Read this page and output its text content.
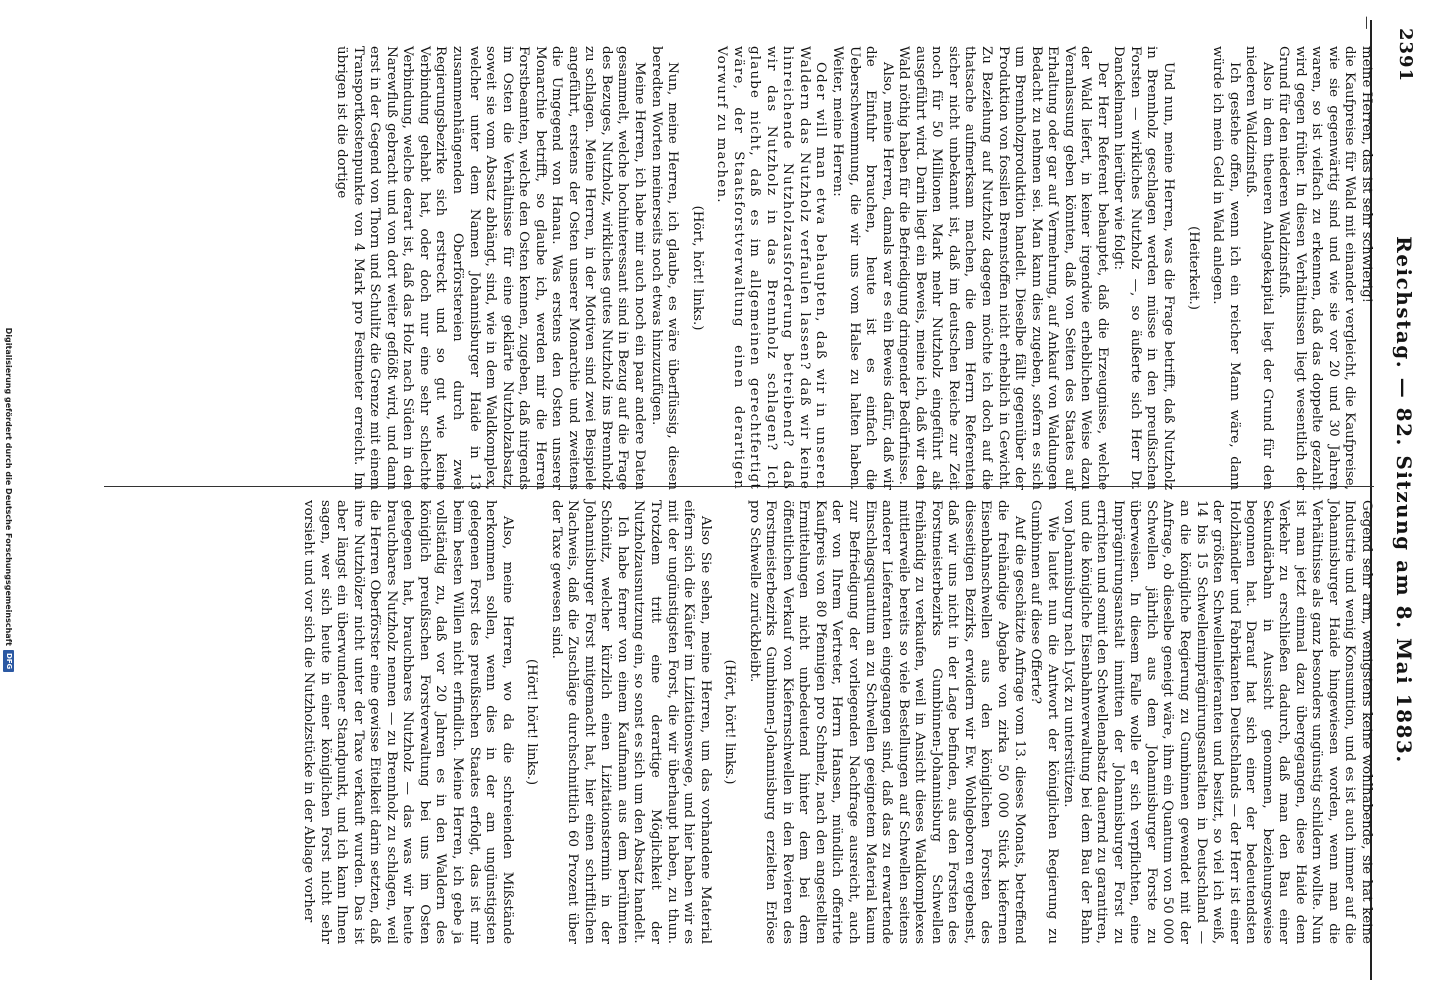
2391
Reichstag. — 82. Sitzung am 8. Mai 1883.

—
meine Herren, das ist sehr schwierig!

die Kaufpreise für Wald mit einander vergleicht, die Kaufpreise, wie sie gegenwärtig sind und wie sie vor 20 und 30 Jahren waren, so ist vielfach zu erkennen, daß das doppelte gezahlt wird gegen früher. In diesen Verhältnissen liegt wesentlich der Grund für den niederen Waldzinsfuß.

Also in dem theueren Anlagekapital liegt der Grund für den niederen Waldzinsfuß.

Ich gestehe offen, wenn ich ein reicher Mann wäre, dann würde ich mein Geld in Wald anlegen.

(Heiterkeit.)

Und nun, meine Herren, was die Frage betrifft, daß Nutzholz in Brennholz geschlagen werden müsse in den preußischen Forsten — wirkliches Nutzholz —, so äußerte sich Herr Dr. Danckelmann hierüber wie folgt:

Der Herr Referent behauptet, daß die Erzeugnisse, welche der Wald liefert, in keiner irgendwie erheblichen Weise dazu Veranlassung geben könnten, daß von Seiten des Staates auf Erhaltung oder gar auf Vermehrung, auf Ankauf von Waldungen Bedacht zu nehmen sei. Man kann dies zugeben, sofern es sich um Brennholzproduktion handelt. Dieselbe fällt gegenüber der Produktion von fossilen Brennstoffen nicht erheblich in Gewicht. Zu Beziehung auf Nutzholz dagegen möchte ich doch auf die thatsache aufmerksam machen, die dem Herrn Referenten sicher nicht unbekannt ist, daß im deutschen Reiche zur Zeit noch für 50 Millionen Mark mehr Nutzholz eingeführt als ausgeführt wird. Darin liegt ein Beweis, meine ich, daß wir den Wald nöthig haben für die Befriedigung dringender Bedürfnisse.

Also, meine Herren, damals war es ein Beweis dafür, daß wir die Einfuhr brauchen, heute ist es einfach die Ueberschwemmung, die wir uns vom Halse zu halten haben. Weiter, meine Herren:

Oder will man etwa behaupten, daß wir in unseren Waldern das Nutzholz verfaulen lassen? daß wir keine hinreichende Nutzholzausforderung betreibend? daß wir das Nutzholz in das Brennholz schlagen? Ich glaube nicht, daß es im allgemeinen gerechtfertigt wäre, der Staatsforstverwaltung einen derartigen Vorwurf zu machen.

(Hört, hört! links.)

Nun, meine Herren, ich glaube, es wäre überflüssig, diesen beredten Worten meinerseits noch etwas hinzuzufügen.

Meine Herren, ich habe mir auch noch ein paar andere Daten gesammelt, welche hochinteressant sind in Bezug auf die Frage des Bezuges, Nutzholz, wirkliches gutes Nutzholz ins Brennholz zu schlagen. Meine Herren, in der Motiven sind zwei Beispiele angeführt, erstens der Osten unserer Monarchie und zweitens die Umgegend von Hanau. Was erstens den Osten unserer Monarchie betrifft, so glaube ich, werden mir die Herren Forstbeamten, welche den Osten kennen, zugeben, daß nirgends im Osten die Verhältnisse für eine geklärte Nutzholzabsatz, soweit sie vom Absatz abhängt, sind, wie in dem Waldkomplex, welcher unter dem Namen Johannisburger Haide in 13 zusammenhängenden Oberförstereien durch zwei Regierungsbezirke sich erstreckt und so gut wie keine Verbindung gehabt hat, oder doch nur eine sehr schlechte Verbindung, welche derart ist, daß das Holz nach Süden in den Narewfluß gebracht und von dort weiter geflößt wird, und dann erst in der Gegend von Thorn und Schulitz die Grenze mit einem Transportkostenpunkte von 4 Mark pro Festmeter erreicht. Im übrigen ist die dortige

Gegend sehr arm, wenigstens keine wohlhabende, sie hat keine Industrie und wenig Konsumtion, und es ist auch immer auf die Johannisburger Haide hingewiesen worden, wenn man die Verhältnisse als ganz besonders ungünstig schildern wollte. Nun ist man jetzt einmal dazu übergegangen, diese Haide dem Verkehr zu erschließen dadurch, daß man den Bau einer Sekundärbahn in Aussicht genommen, beziehungsweise begonnen hat. Darauf hat sich einer der bedeutendsten Holzhändler und Fabrikanten Deutschlands — der Herr ist einer der größten Schwellenlieferanten und besitzt, so viel ich weiß, 14 bis 15 Schwellenimprägnirungsanstalten in Deutschland — an die königliche Regierung zu Gumbinnen gewendet mit der Anfrage, ob dieselbe geneigt wäre, ihm ein Quantum von 50 000 Schwellen jährlich aus dem Johannisburger Forste zu überweisen. In diesem Falle wolle er sich verpflichten, eine Imprägnirungsanstalt inmitten der Johannisburger Forst zu errichten und somit den Schwellenabsatz dauernd zu garantiren, und die königliche Eisenbahnverwaltung bei dem Bau der Bahn von Johannisburg nach Lyck zu unterstützen.

Wie lautet nun die Antwort der königlichen Regierung zu Gumbinnen auf diese Offerte?

Auf die geschätzte Anfrage vom 13. dieses Monats, betreffend die freihändige Abgabe von zirka 50 000 Stück kiefernen Eisenbahnschwellen aus den königlichen Forsten des diesseitigen Bezirks, erwidern wir Ew. Wohlgeboren ergebenst, daß wir uns nicht in der Lage befinden, aus den Forsten des Forstmeisterbezirks Gumbinnen-Johannisburg Schwellen freihändig zu verkaufen, weil in Ansicht dieses Waldkomplexes mittlerweile bereits so viele Bestellungen auf Schwellen seitens anderer Lieferanten eingegangen sind, daß das zu erwartende Einschlagsquantum an zu Schwellen geeignetem Material kaum zur Befriedigung der vorliegenden Nachfrage ausreicht, auch der von Ihrem Vertreter, Herrn Hansen, mündlich offerirte Kaufpreis von 80 Pfennigen pro Schmelz, nach den angestellten Ermittelungen nicht unbedeutend hinter dem bei dem öffentlichen Verkauf von Kiefernschwellen in den Revieren des Forstmeisterbezirks Gumbinnen-Johannisburg erzielten Erlöse pro Schwelle zurückbleibt.

(Hört, hört! links.)

Also Sie sehen, meine Herren, um das vorhandene Material eifern sich die Käufer im Lizitationswege, und hier haben wir es mit der ungünstigsten Forst, die wir überhaupt haben, zu thun. Trotzdem tritt eine derartige Möglichkeit der Nutzholzausnutzung ein, so sonst es sich um den Absatz handelt.

Ich habe ferner von einem Kaufmann aus dem berühmten Schönitz, welcher kürzlich einen Lizitationstermin in der Johannisburger Forst mitgemacht hat, hier einen schriftlichen Nachweis, daß die Zuschläge durchschnittlich 60 Prozent über der Taxe gewesen sind.

(Hört! hört! links.)

Also, meine Herren, wo da die schreienden Mißstände herkommen sollen, wenn dies in der am ungünstigsten gelegenen Forst des preußischen Staates erfolgt, das ist mir beim besten Willen nicht erfindlich. Meine Herren, ich gebe ja vollständig zu, daß vor 20 Jahren es in den Waldern des königlich preußischen Forstverwaltung bei uns im Osten gelegenen hat, brauchbares Nutzholz — das was wir heute brauchbares Nutzholz nennen — zu Brennholz zu schlagen, weil die Herren Oberförster eine gewisse Eitelkeit darin setzten, daß ihre Nutzhölzer nicht unter der Taxe verkauft wurden. Das ist aber längst ein überwundener Standpunkt, und ich kann Ihnen sagen, wer sich heute in einer königlichen Forst nicht sehr vorsieht und vor sich die Nutzholzstücke in der Ablage vorher

Digitalisierung gefördert durch die Deutsche ForschungsgemeinschaftDFG
